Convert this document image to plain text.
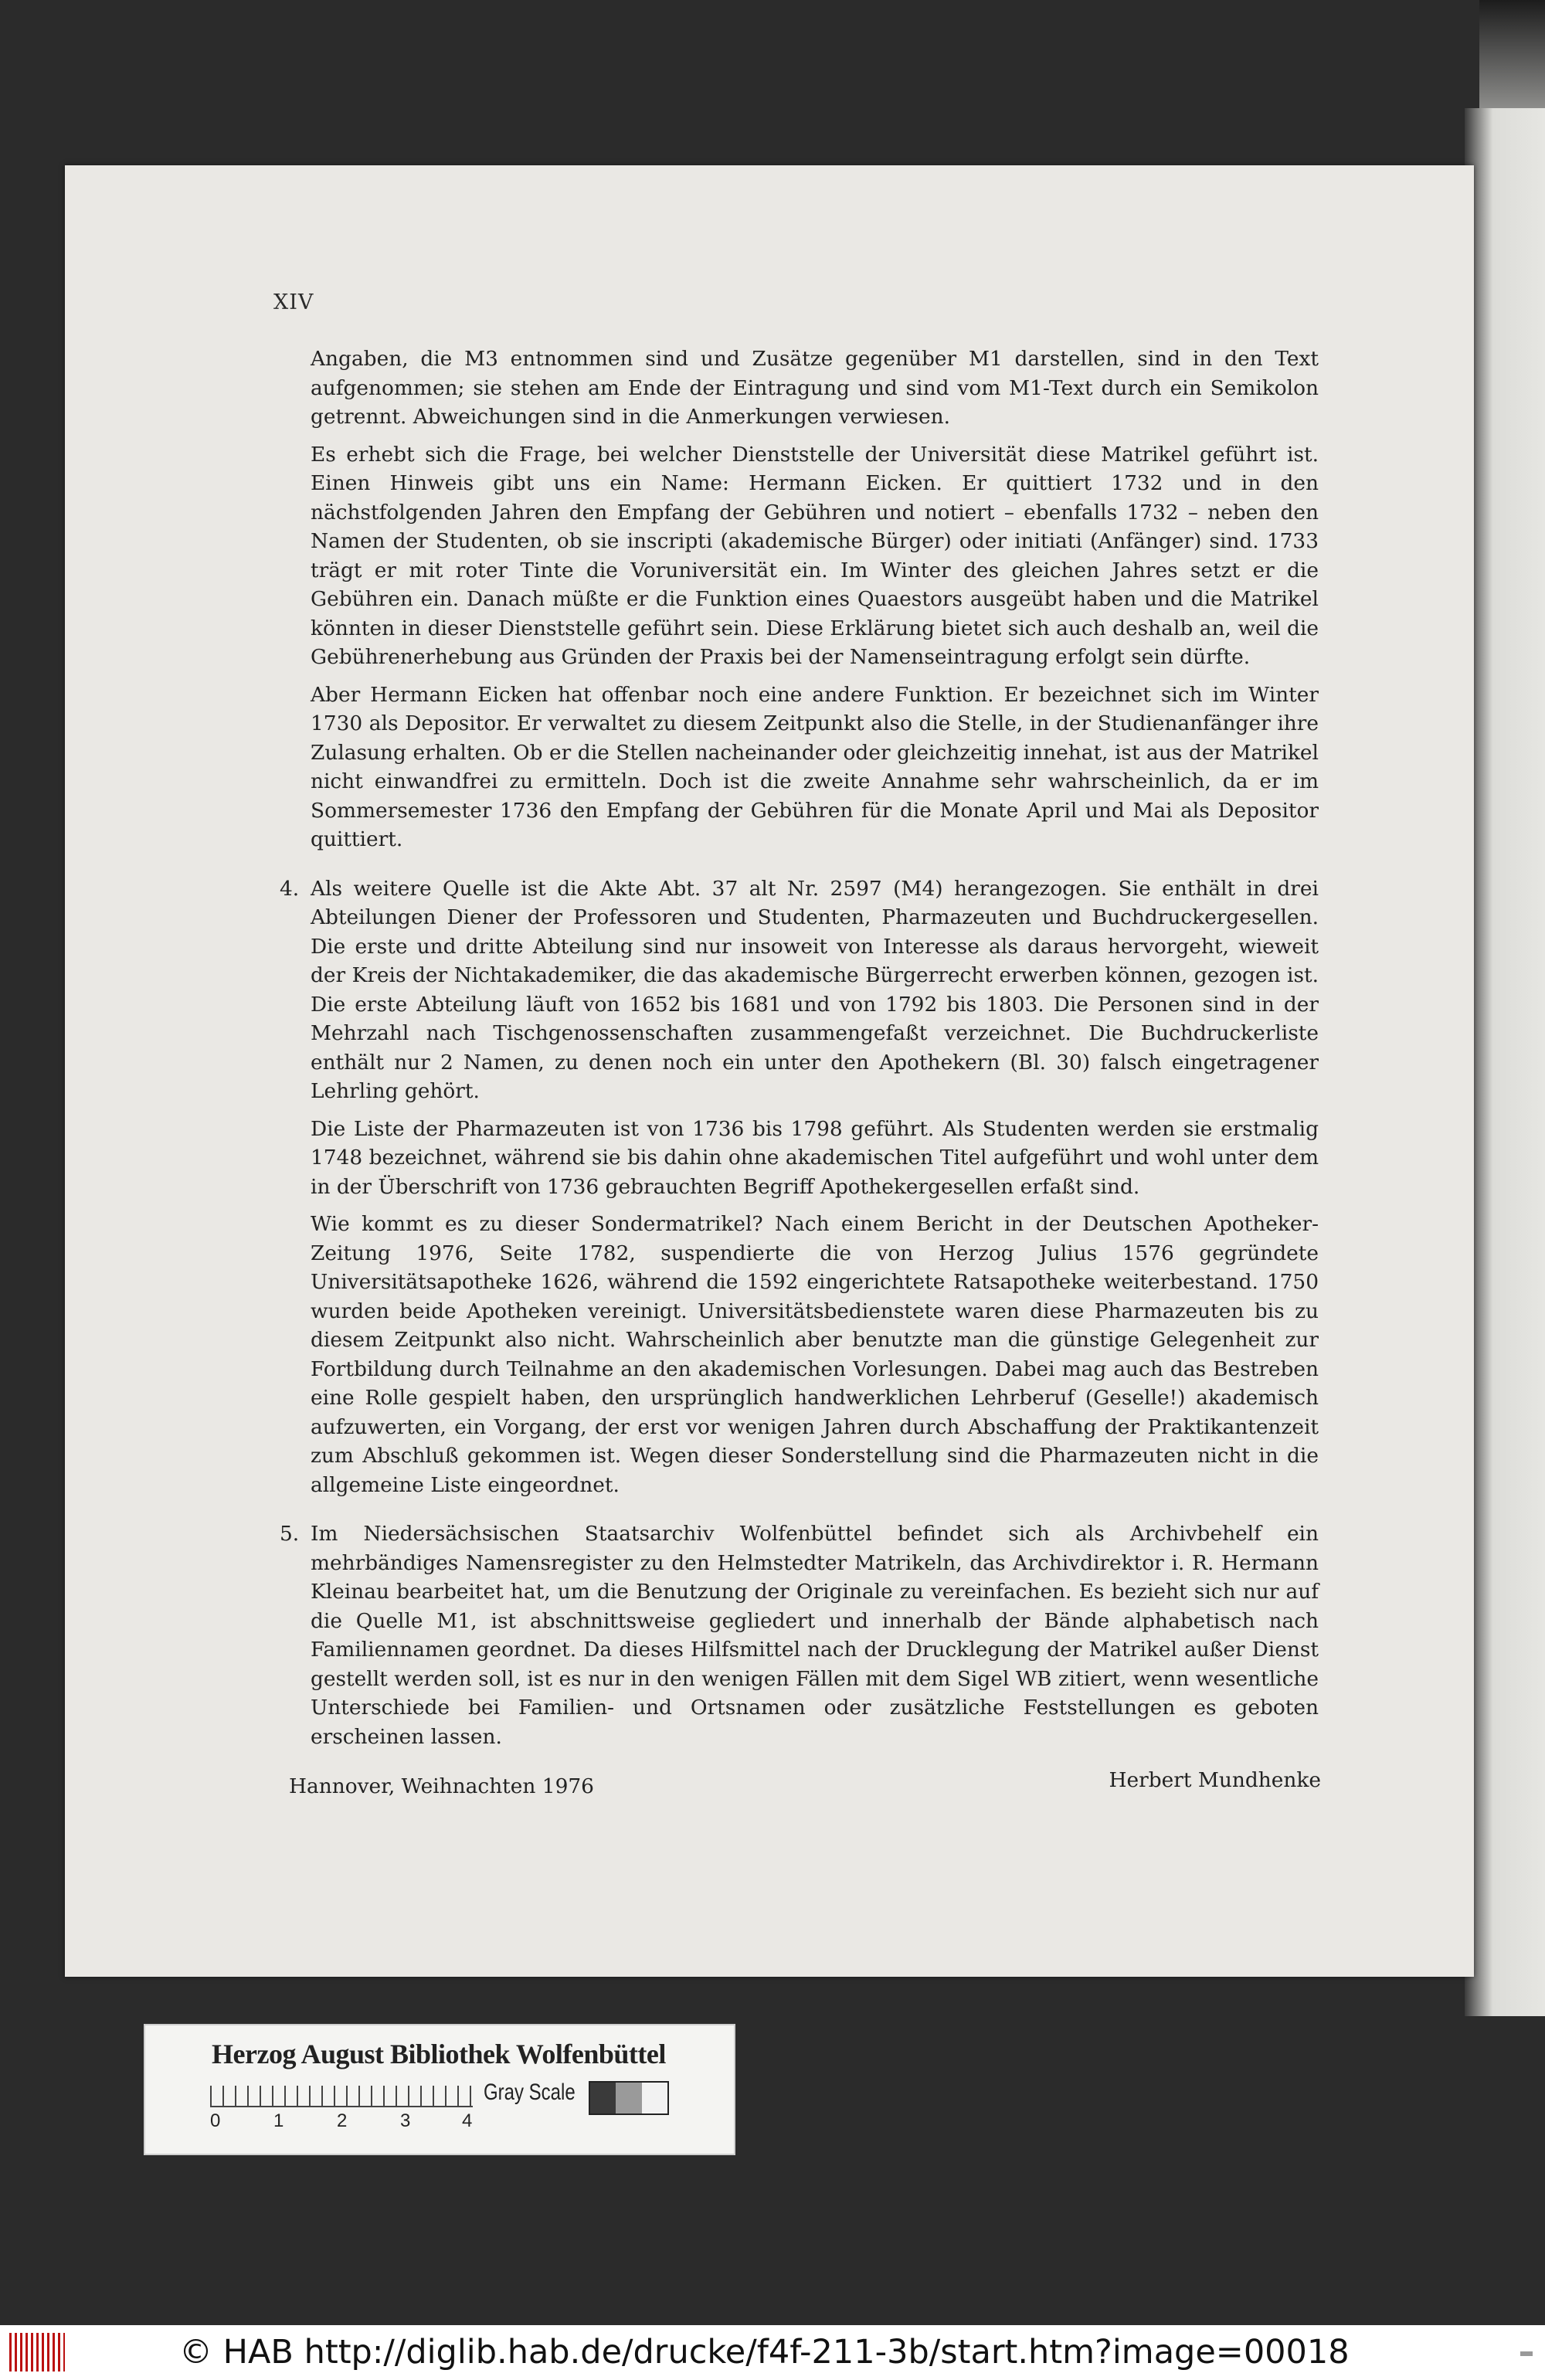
XIV

Angaben, die M3 entnommen sind und Zusätze gegenüber M1 darstellen, sind in den Text aufgenommen; sie stehen am Ende der Eintragung und sind vom M1-Text durch ein Semikolon getrennt. Abweichungen sind in die Anmerkungen verwiesen.

Es erhebt sich die Frage, bei welcher Dienststelle der Universität diese Matrikel geführt ist. Einen Hinweis gibt uns ein Name: Hermann Eicken. Er quittiert 1732 und in den nächstfolgenden Jahren den Empfang der Gebühren und notiert – ebenfalls 1732 – neben den Namen der Studenten, ob sie inscripti (akademische Bürger) oder initiati (Anfänger) sind. 1733 trägt er mit roter Tinte die Voruniversität ein. Im Winter des gleichen Jahres setzt er die Gebühren ein. Danach müßte er die Funktion eines Quaestors ausgeübt haben und die Matrikel könnten in dieser Dienststelle geführt sein. Diese Erklärung bietet sich auch deshalb an, weil die Gebührenerhebung aus Gründen der Praxis bei der Namenseintragung erfolgt sein dürfte.

Aber Hermann Eicken hat offenbar noch eine andere Funktion. Er bezeichnet sich im Winter 1730 als Depositor. Er verwaltet zu diesem Zeitpunkt also die Stelle, in der Studienanfänger ihre Zulasung erhalten. Ob er die Stellen nacheinander oder gleichzeitig innehat, ist aus der Matrikel nicht einwandfrei zu ermitteln. Doch ist die zweite Annahme sehr wahrscheinlich, da er im Sommersemester 1736 den Empfang der Gebühren für die Monate April und Mai als Depositor quittiert.

4. Als weitere Quelle ist die Akte Abt. 37 alt Nr. 2597 (M4) herangezogen. Sie enthält in drei Abteilungen Diener der Professoren und Studenten, Pharmazeuten und Buchdruckergesellen. Die erste und dritte Abteilung sind nur insoweit von Interesse als daraus hervorgeht, wieweit der Kreis der Nichtakademiker, die das akademische Bürgerrecht erwerben können, gezogen ist. Die erste Abteilung läuft von 1652 bis 1681 und von 1792 bis 1803. Die Personen sind in der Mehrzahl nach Tischgenossenschaften zusammengefaßt verzeichnet. Die Buchdruckerliste enthält nur 2 Namen, zu denen noch ein unter den Apothekern (Bl. 30) falsch eingetragener Lehrling gehört.

Die Liste der Pharmazeuten ist von 1736 bis 1798 geführt. Als Studenten werden sie erstmalig 1748 bezeichnet, während sie bis dahin ohne akademischen Titel aufgeführt und wohl unter dem in der Überschrift von 1736 gebrauchten Begriff Apothekergesellen erfaßt sind.

Wie kommt es zu dieser Sondermatrikel? Nach einem Bericht in der Deutschen Apotheker-Zeitung 1976, Seite 1782, suspendierte die von Herzog Julius 1576 gegründete Universitätsapotheke 1626, während die 1592 eingerichtete Ratsapotheke weiterbestand. 1750 wurden beide Apotheken vereinigt. Universitätsbedienstete waren diese Pharmazeuten bis zu diesem Zeitpunkt also nicht. Wahrscheinlich aber benutzte man die günstige Gelegenheit zur Fortbildung durch Teilnahme an den akademischen Vorlesungen. Dabei mag auch das Bestreben eine Rolle gespielt haben, den ursprünglich handwerklichen Lehrberuf (Geselle!) akademisch aufzuwerten, ein Vorgang, der erst vor wenigen Jahren durch Abschaffung der Praktikantenzeit zum Abschluß gekommen ist. Wegen dieser Sonderstellung sind die Pharmazeuten nicht in die allgemeine Liste eingeordnet.

5. Im Niedersächsischen Staatsarchiv Wolfenbüttel befindet sich als Archivbehelf ein mehrbändiges Namensregister zu den Helmstedter Matrikeln, das Archivdirektor i. R. Hermann Kleinau bearbeitet hat, um die Benutzung der Originale zu vereinfachen. Es bezieht sich nur auf die Quelle M1, ist abschnittsweise gegliedert und innerhalb der Bände alphabetisch nach Familiennamen geordnet. Da dieses Hilfsmittel nach der Drucklegung der Matrikel außer Dienst gestellt werden soll, ist es nur in den wenigen Fällen mit dem Sigel WB zitiert, wenn wesentliche Unterschiede bei Familien- und Ortsnamen oder zusätzliche Feststellungen es geboten erscheinen lassen.

Hannover, Weihnachten 1976	Herbert Mundhenke
Herzog August Bibliothek Wolfenbüttel
0	1	2	3	4
Gray Scale
© HAB http://diglib.hab.de/drucke/f4f-211-3b/start.htm?image=00018
